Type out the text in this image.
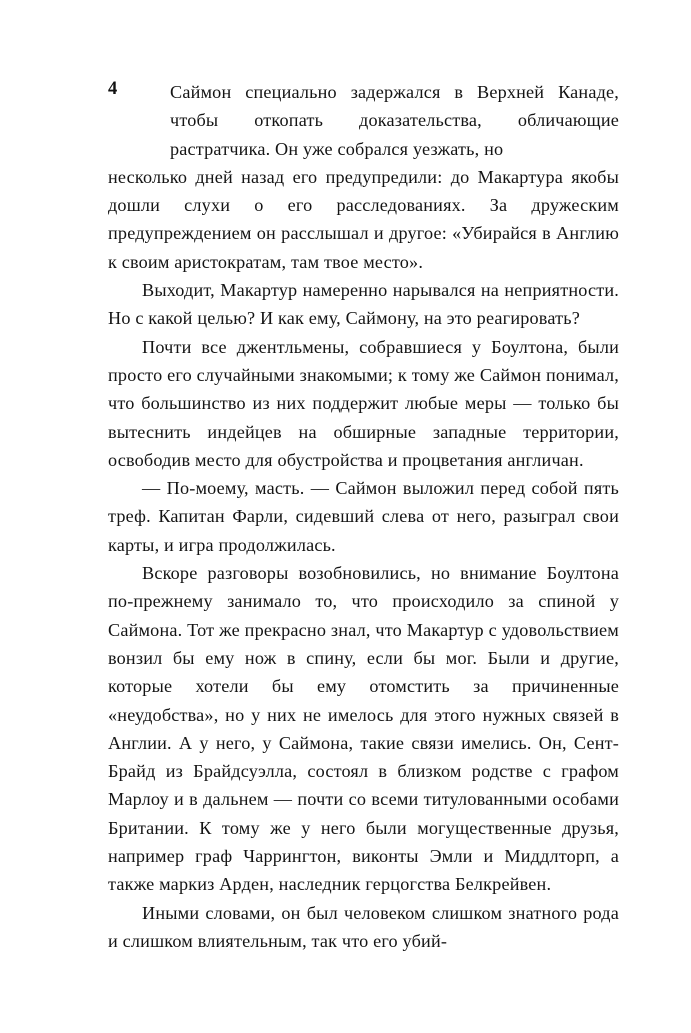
4	Саймон специально задержался в Верхней Канаде, чтобы откопать доказательства, обличающие растратчика. Он уже собрался уезжать, но

несколько дней назад его предупредили: до Макартура якобы дошли слухи о его расследованиях. За дружеским предупреждением он расслышал и другое: «Убирайся в Англию к своим аристократам, там твое место».

Выходит, Макартур намеренно нарывался на неприятности. Но с какой целью? И как ему, Саймону, на это реагировать?

Почти все джентльмены, собравшиеся у Боултона, были просто его случайными знакомыми; к тому же Саймон понимал, что большинство из них поддержит любые меры — только бы вытеснить индейцев на обширные западные территории, освободив место для обустройства и процветания англичан.

— По-моему, масть. — Саймон выложил перед собой пять треф. Капитан Фарли, сидевший слева от него, разыграл свои карты, и игра продолжилась.

Вскоре разговоры возобновились, но внимание Боултона по-прежнему занимало то, что происходило за спиной у Саймона. Тот же прекрасно знал, что Макартур с удовольствием вонзил бы ему нож в спину, если бы мог. Были и другие, которые хотели бы ему отомстить за причиненные «неудобства», но у них не имелось для этого нужных связей в Англии. А у него, у Саймона, такие связи имелись. Он, Сент-Брайд из Брайдсуэлла, состоял в близком родстве с графом Марлоу и в дальнем — почти со всеми титулованными особами Британии. К тому же у него были могущественные друзья, например граф Чаррингтон, виконты Эмли и Миддлторп, а также маркиз Арден, наследник герцогства Белкрейвен.

Иными словами, он был человеком слишком знатного рода и слишком влиятельным, так что его убий-
